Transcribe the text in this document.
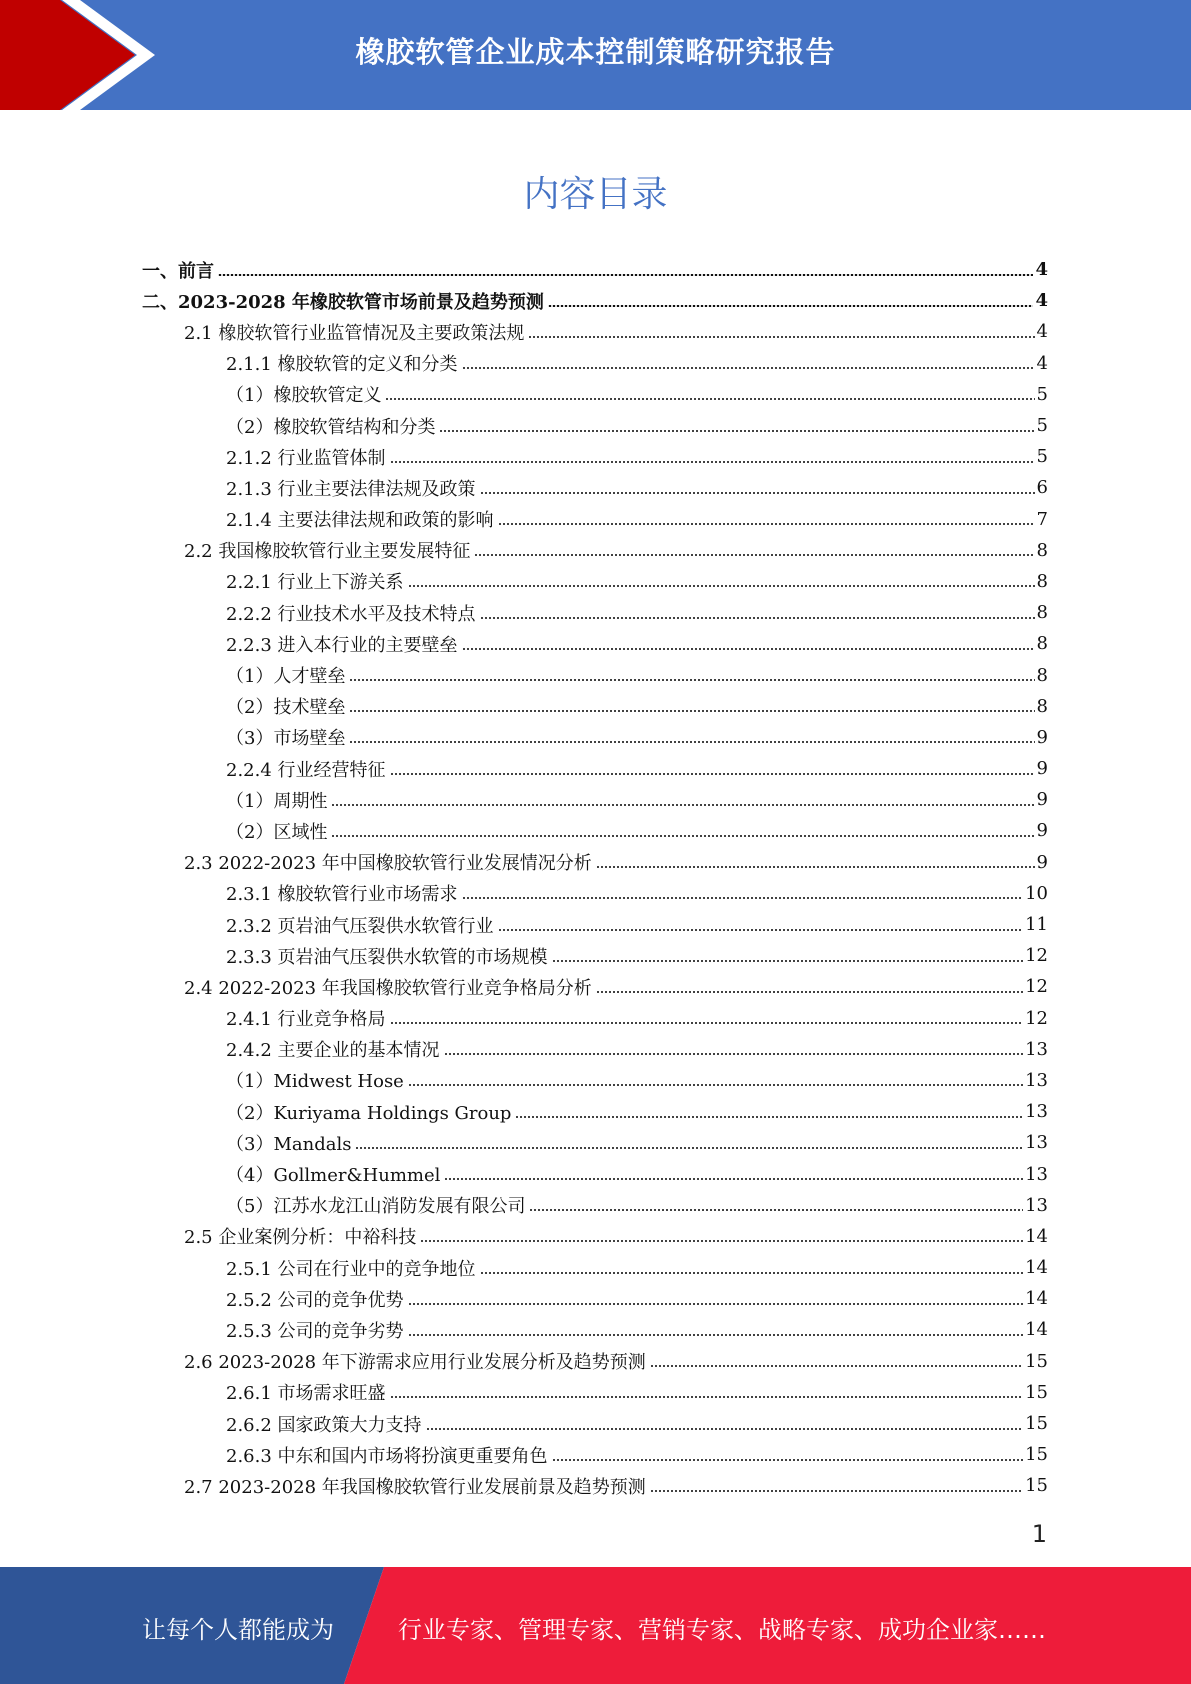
橡胶软管企业成本控制策略研究报告
内容目录
一、前言	4
二、2023-2028 年橡胶软管市场前景及趋势预测	4
2.1 橡胶软管行业监管情况及主要政策法规	4
2.1.1 橡胶软管的定义和分类	4
（1）橡胶软管定义	5
（2）橡胶软管结构和分类	5
2.1.2 行业监管体制	5
2.1.3 行业主要法律法规及政策	6
2.1.4 主要法律法规和政策的影响	7
2.2 我国橡胶软管行业主要发展特征	8
2.2.1 行业上下游关系	8
2.2.2 行业技术水平及技术特点	8
2.2.3 进入本行业的主要壁垒	8
（1）人才壁垒	8
（2）技术壁垒	8
（3）市场壁垒	9
2.2.4 行业经营特征	9
（1）周期性	9
（2）区域性	9
2.3 2022-2023 年中国橡胶软管行业发展情况分析	9
2.3.1 橡胶软管行业市场需求	10
2.3.2 页岩油气压裂供水软管行业	11
2.3.3 页岩油气压裂供水软管的市场规模	12
2.4 2022-2023 年我国橡胶软管行业竞争格局分析	12
2.4.1 行业竞争格局	12
2.4.2 主要企业的基本情况	13
（1）Midwest Hose	13
（2）Kuriyama Holdings Group	13
（3）Mandals	13
（4）Gollmer&Hummel	13
（5）江苏水龙江山消防发展有限公司	13
2.5 企业案例分析：中裕科技	14
2.5.1 公司在行业中的竞争地位	14
2.5.2 公司的竞争优势	14
2.5.3 公司的竞争劣势	14
2.6 2023-2028 年下游需求应用行业发展分析及趋势预测	15
2.6.1 市场需求旺盛	15
2.6.2 国家政策大力支持	15
2.6.3 中东和国内市场将扮演更重要角色	15
2.7 2023-2028 年我国橡胶软管行业发展前景及趋势预测	15
1
让每个人都能成为	行业专家、管理专家、营销专家、战略专家、成功企业家……
